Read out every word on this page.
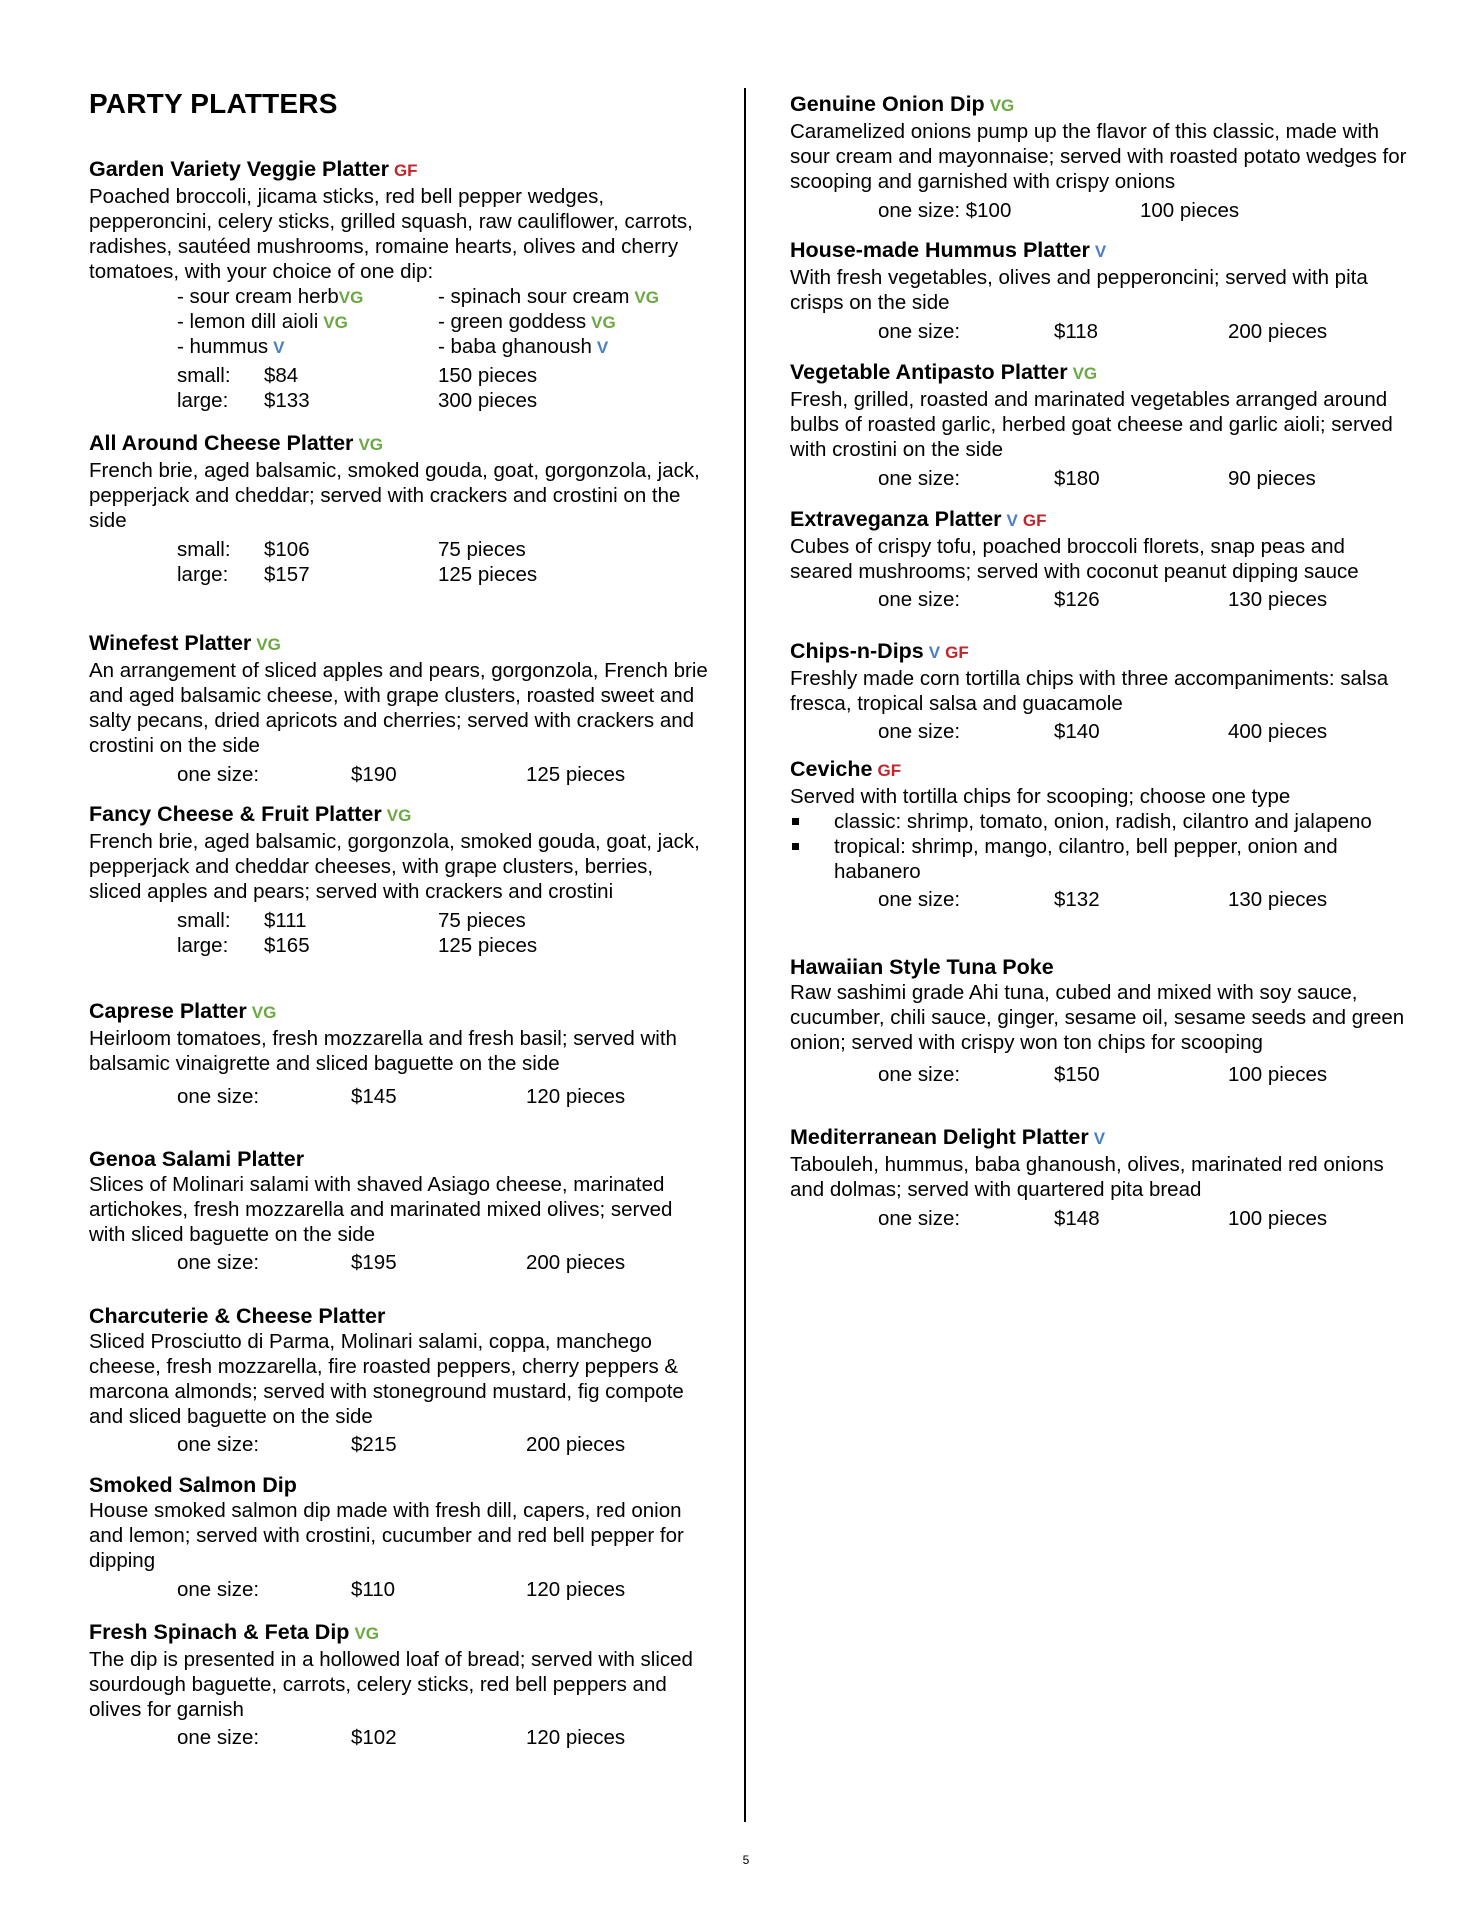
PARTY PLATTERS
Garden Variety Veggie Platter GF

Poached broccoli, jicama sticks, red bell pepper wedges, pepperoncini, celery sticks, grilled squash, raw cauliflower, carrots, radishes, sautéed mushrooms, romaine hearts, olives and cherry tomatoes, with your choice of one dip:

- sour cream herbVG	- spinach sour cream VG
- lemon dill aioli VG	- green goddess VG
- hummus V	- baba ghanoush V
small: $84	150 pieces
large: $133	300 pieces
All Around Cheese Platter VG

French brie, aged balsamic, smoked gouda, goat, gorgonzola, jack, pepperjack and cheddar; served with crackers and crostini on the side

small: $106	75 pieces
large: $157	125 pieces
Winefest Platter VG

An arrangement of sliced apples and pears, gorgonzola, French brie and aged balsamic cheese, with grape clusters, roasted sweet and salty pecans, dried apricots and cherries; served with crackers and crostini on the side

one size:	$190	125 pieces
Fancy Cheese & Fruit Platter VG

French brie, aged balsamic, gorgonzola, smoked gouda, goat, jack, pepperjack and cheddar cheeses, with grape clusters, berries, sliced apples and pears; served with crackers and crostini

small: $111	75 pieces
large: $165	125 pieces
Caprese Platter VG

Heirloom tomatoes, fresh mozzarella and fresh basil; served with balsamic vinaigrette and sliced baguette on the side

one size:	$145	120 pieces
Genoa Salami Platter

Slices of Molinari salami with shaved Asiago cheese, marinated artichokes, fresh mozzarella and marinated mixed olives; served with sliced baguette on the side

one size:	$195	200 pieces
Charcuterie & Cheese Platter

Sliced Prosciutto di Parma, Molinari salami, coppa, manchego cheese, fresh mozzarella, fire roasted peppers, cherry peppers & marcona almonds; served with stoneground mustard, fig compote and sliced baguette on the side

one size:	$215	200 pieces
Smoked Salmon Dip

House smoked salmon dip made with fresh dill, capers, red onion and lemon; served with crostini, cucumber and red bell pepper for dipping

one size:	$110	120 pieces
Fresh Spinach & Feta Dip VG

The dip is presented in a hollowed loaf of bread; served with sliced sourdough baguette, carrots, celery sticks, red bell peppers and olives for garnish

one size:	$102	120 pieces
Genuine Onion Dip VG

Caramelized onions pump up the flavor of this classic, made with sour cream and mayonnaise; served with roasted potato wedges for scooping and garnished with crispy onions

one size: $100	100 pieces
House-made Hummus Platter V

With fresh vegetables, olives and pepperoncini; served with pita crisps on the side

one size:	$118	200 pieces
Vegetable Antipasto Platter VG

Fresh, grilled, roasted and marinated vegetables arranged around bulbs of roasted garlic, herbed goat cheese and garlic aioli; served with crostini on the side

one size:	$180	90 pieces
Extraveganza Platter V GF

Cubes of crispy tofu, poached broccoli florets, snap peas and seared mushrooms; served with coconut peanut dipping sauce

one size:	$126	130 pieces
Chips-n-Dips V GF

Freshly made corn tortilla chips with three accompaniments: salsa fresca, tropical salsa and guacamole

one size:	$140	400 pieces
Ceviche GF

Served with tortilla chips for scooping; choose one type

classic: shrimp, tomato, onion, radish, cilantro and jalapeno
tropical: shrimp, mango, cilantro, bell pepper, onion and habanero
one size:	$132	130 pieces
Hawaiian Style Tuna Poke

Raw sashimi grade Ahi tuna, cubed and mixed with soy sauce, cucumber, chili sauce, ginger, sesame oil, sesame seeds and green onion; served with crispy won ton chips for scooping

one size:	$150	100 pieces
Mediterranean Delight Platter V

Tabouleh, hummus, baba ghanoush, olives, marinated red onions and dolmas; served with quartered pita bread

one size:	$148	100 pieces
5
